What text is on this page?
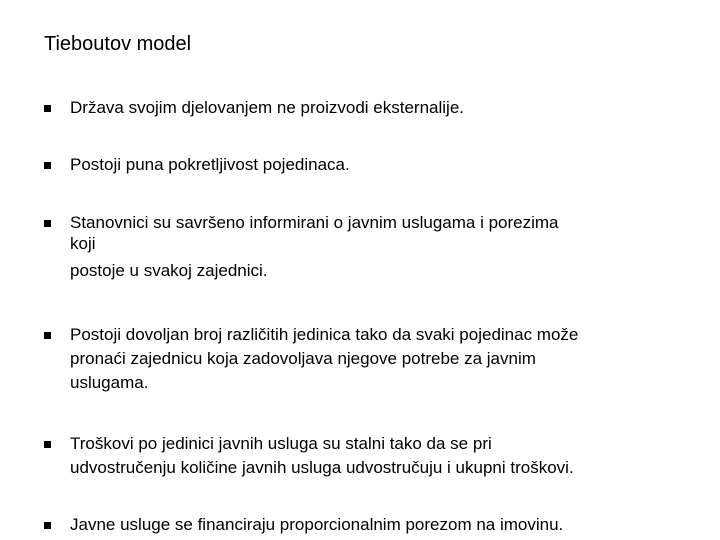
Tieboutov model
Država svojim djelovanjem ne proizvodi eksternalije.
Postoji puna pokretljivost pojedinaca.
Stanovnici su savršeno informirani o javnim uslugama i porezima
koji
postoje u svakoj zajednici.
Postoji dovoljan broj različitih jedinica tako da svaki pojedinac može
pronaći zajednicu koja zadovoljava njegove potrebe za javnim
uslugama.
Troškovi po jedinici javnih usluga su stalni tako da se pri
udvostručenju količine javnih usluga udvostručuju i ukupni troškovi.
Javne usluge se financiraju proporcionalnim porezom na imovinu.
